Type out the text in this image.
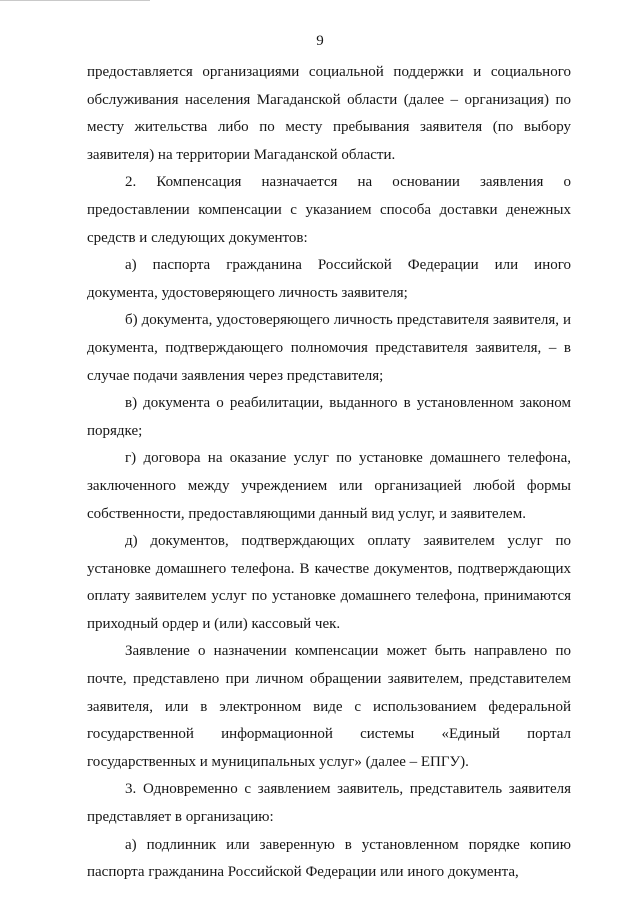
9

предоставляется организациями социальной поддержки и социального обслуживания населения Магаданской области (далее – организация) по месту жительства либо по месту пребывания заявителя (по выбору заявителя) на территории Магаданской области.

2. Компенсация назначается на основании заявления о предоставлении компенсации с указанием способа доставки денежных средств и следующих документов:

а) паспорта гражданина Российской Федерации или иного документа, удостоверяющего личность заявителя;

б) документа, удостоверяющего личность представителя заявителя, и документа, подтверждающего полномочия представителя заявителя, – в случае подачи заявления через представителя;

в) документа о реабилитации, выданного в установленном законом порядке;

г) договора на оказание услуг по установке домашнего телефона, заключенного между учреждением или организацией любой формы собственности, предоставляющими данный вид услуг, и заявителем.

д) документов, подтверждающих оплату заявителем услуг по установке домашнего телефона. В качестве документов, подтверждающих оплату заявителем услуг по установке домашнего телефона, принимаются приходный ордер и (или) кассовый чек.

Заявление о назначении компенсации может быть направлено по почте, представлено при личном обращении заявителем, представителем заявителя, или в электронном виде с использованием федеральной государственной информационной системы «Единый портал государственных и муниципальных услуг» (далее – ЕПГУ).

3. Одновременно с заявлением заявитель, представитель заявителя представляет в организацию:

а) подлинник или заверенную в установленном порядке копию паспорта гражданина Российской Федерации или иного документа,
